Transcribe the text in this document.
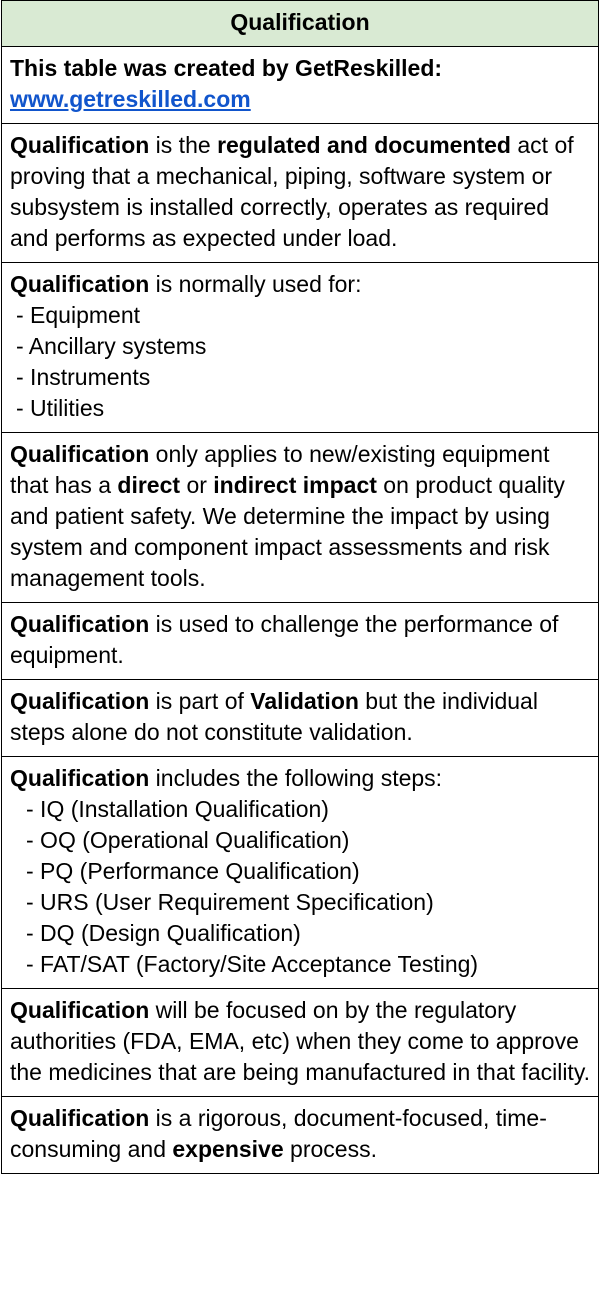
Qualification
This table was created by GetReskilled:
www.getreskilled.com
Qualification is the regulated and documented act of proving that a mechanical, piping, software system or subsystem is installed correctly, operates as required and performs as expected under load.
Qualification is normally used for:
- Equipment
- Ancillary systems
- Instruments
- Utilities

Qualification only applies to new/existing equipment that has a direct or indirect impact on product quality and patient safety. We determine the impact by using system and component impact assessments and risk management tools.
Qualification is used to challenge the performance of equipment.
Qualification is part of Validation but the individual steps alone do not constitute validation.
Qualification includes the following steps:
- IQ (Installation Qualification)
- OQ (Operational Qualification)
- PQ (Performance Qualification)
- URS (User Requirement Specification)
- DQ (Design Qualification)
- FAT/SAT (Factory/Site Acceptance Testing)

Qualification will be focused on by the regulatory authorities (FDA, EMA, etc) when they come to approve the medicines that are being manufactured in that facility.
Qualification is a rigorous, document-focused, time-consuming and expensive process.
